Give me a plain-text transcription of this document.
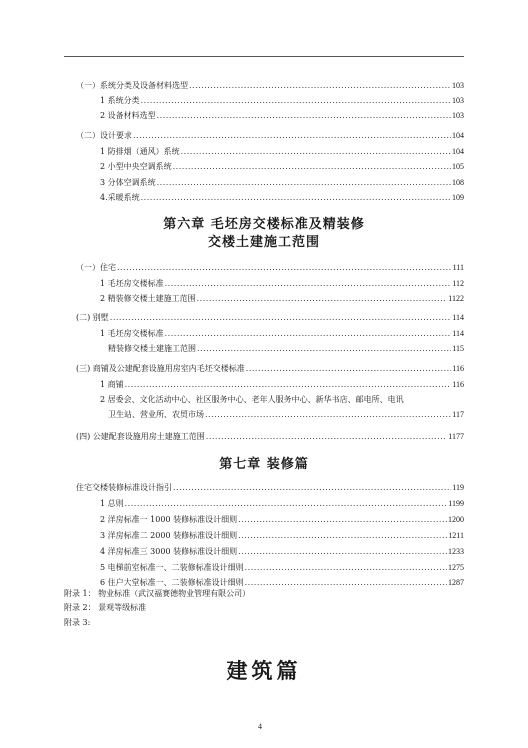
（一）系统分类及设备材料选型 .....	103
1 系统分类 .....	103
2 设备材料选型 .....	103
（二）设计要求 .....	104
1 防排烟（通风）系统 .....	104
2 小型中央空调系统 .....	105
3 分体空调系统 .....	108
4.采暖系统 .....	109
第六章 毛坯房交楼标准及精装修
交楼土建施工范围
（一）住宅 .....	111
1 毛坯房交楼标准 .....	112
2 精装修交楼土建施工范围 .....	1122
(二) 别墅 .....	114
1 毛坯房交楼标准 .....	114
精装修交楼土建施工范围 .....	115
(三) 商铺及公建配套设施用房室内毛坯交楼标准 .....	116
1 商铺 .....	116
2 居委会、文化活动中心、社区服务中心、老年人服务中心、新华书店、邮电所、电讯
卫生站、营业所、农贸市场 .....	117
(四) 公建配套设施用房土建施工范围 .....	1177
第七章 装修篇
住宅交楼装修标准设计指引 .....	119
1 总则 .....	1199
2 洋房标准一 1000 装修标准设计细则 .....	1200
3 洋房标准二 2000 装修标准设计细则 .....	1211
4 洋房标准三 3000 装修标准设计细则 .....	1233
5 电梯前室标准一、二装修标准设计细则 .....	1275
6 住户大堂标准一、二装修标准设计细则 .....	1287
附录 1： 物业标准（武汉福赛德物业管理有限公司）
附录 2： 景观等级标准
附录 3:
建筑篇
4
